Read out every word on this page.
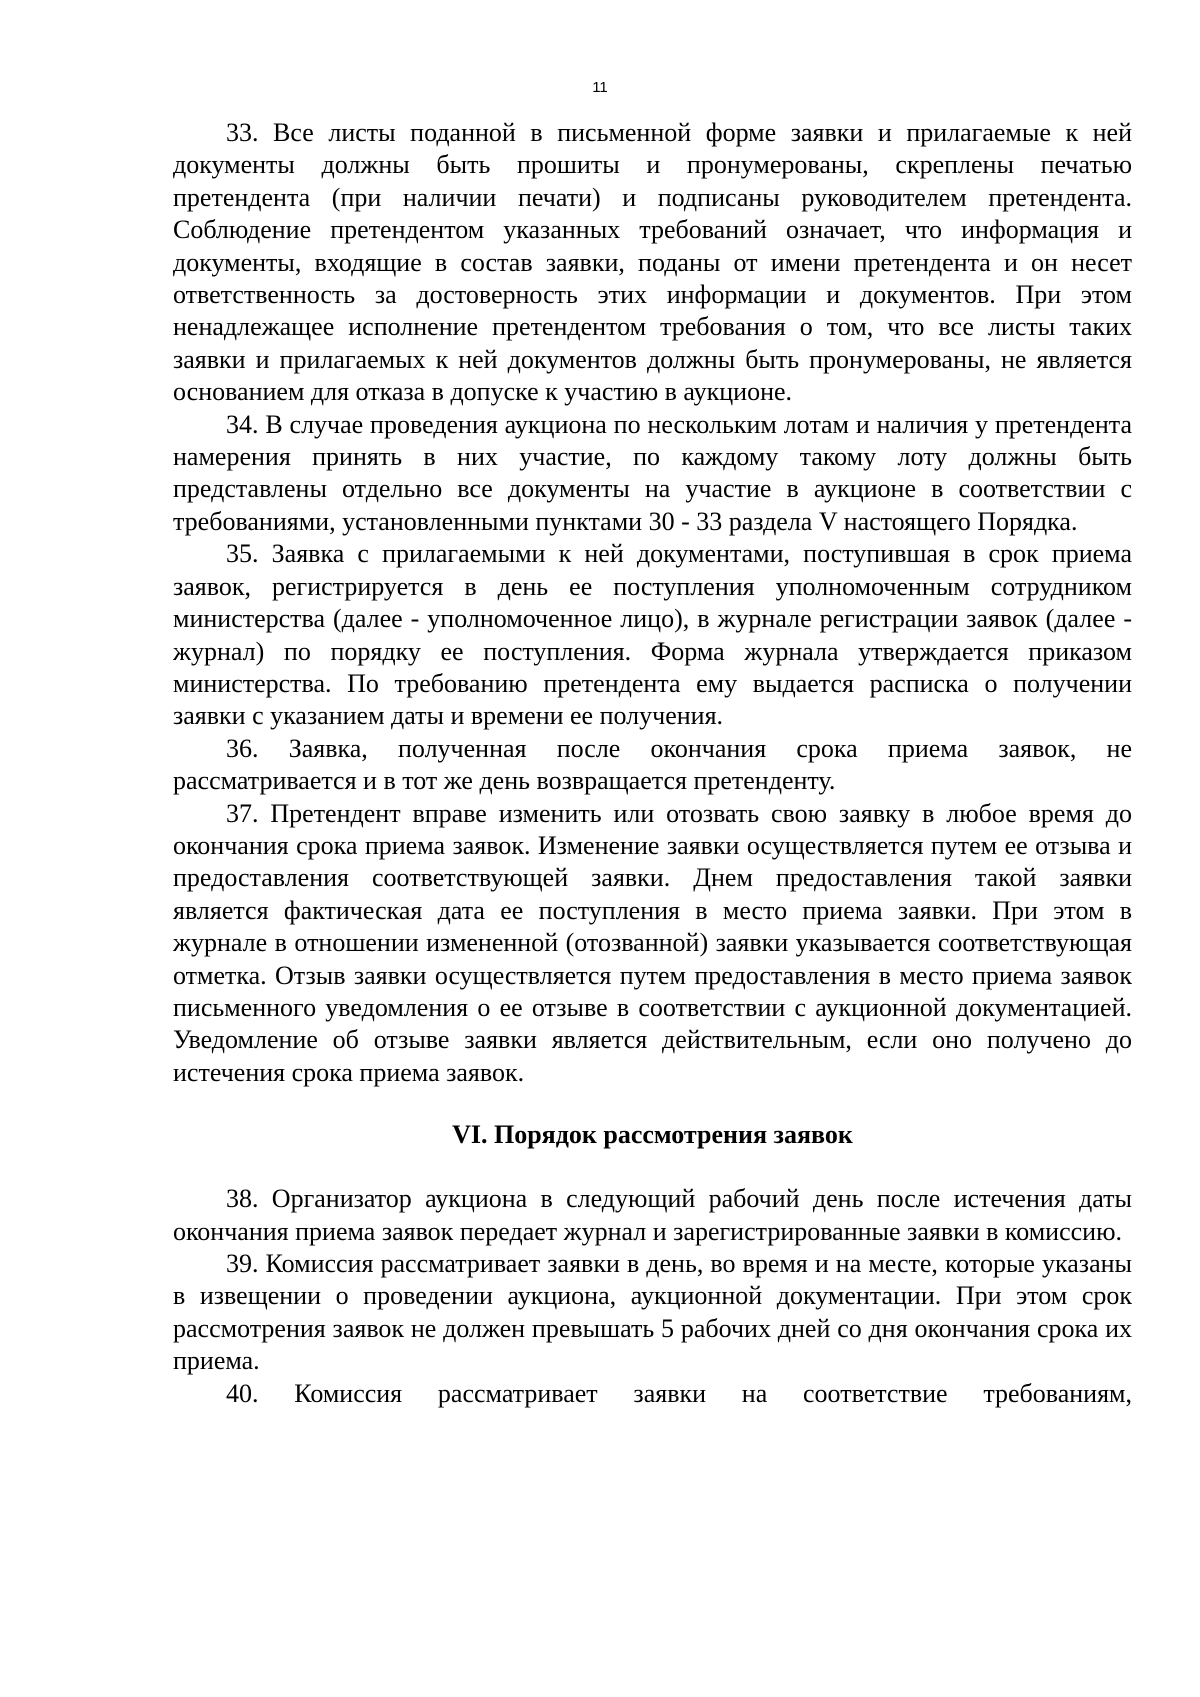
11

33. Все листы поданной в письменной форме заявки и прилагаемые к ней документы должны быть прошиты и пронумерованы, скреплены печатью претендента (при наличии печати) и подписаны руководителем претендента. Соблюдение претендентом указанных требований означает, что информация и документы, входящие в состав заявки, поданы от имени претендента и он несет ответственность за достоверность этих информации и документов. При этом ненадлежащее исполнение претендентом требования о том, что все листы таких заявки и прилагаемых к ней документов должны быть пронумерованы, не является основанием для отказа в допуске к участию в аукционе.

34. В случае проведения аукциона по нескольким лотам и наличия у претендента намерения принять в них участие, по каждому такому лоту должны быть представлены отдельно все документы на участие в аукционе в соответствии с требованиями, установленными пунктами 30 - 33 раздела V настоящего Порядка.

35. Заявка с прилагаемыми к ней документами, поступившая в срок приема заявок, регистрируется в день ее поступления уполномоченным сотрудником министерства (далее - уполномоченное лицо), в журнале регистрации заявок (далее - журнал) по порядку ее поступления. Форма журнала утверждается приказом министерства. По требованию претендента ему выдается расписка о получении заявки с указанием даты и времени ее получения.

36. Заявка, полученная после окончания срока приема заявок, не рассматривается и в тот же день возвращается претенденту.

37. Претендент вправе изменить или отозвать свою заявку в любое время до окончания срока приема заявок. Изменение заявки осуществляется путем ее отзыва и предоставления соответствующей заявки. Днем предоставления такой заявки является фактическая дата ее поступления в место приема заявки. При этом в журнале в отношении измененной (отозванной) заявки указывается соответствующая отметка. Отзыв заявки осуществляется путем предоставления в место приема заявок письменного уведомления о ее отзыве в соответствии с аукционной документацией. Уведомление об отзыве заявки является действительным, если оно получено до истечения срока приема заявок.

VI. Порядок рассмотрения заявок

38. Организатор аукциона в следующий рабочий день после истечения даты окончания приема заявок передает журнал и зарегистрированные заявки в комиссию.

39. Комиссия рассматривает заявки в день, во время и на месте, которые указаны в извещении о проведении аукциона, аукционной документации. При этом срок рассмотрения заявок не должен превышать 5 рабочих дней со дня окончания срока их приема.

40. Комиссия рассматривает заявки на соответствие требованиям,
